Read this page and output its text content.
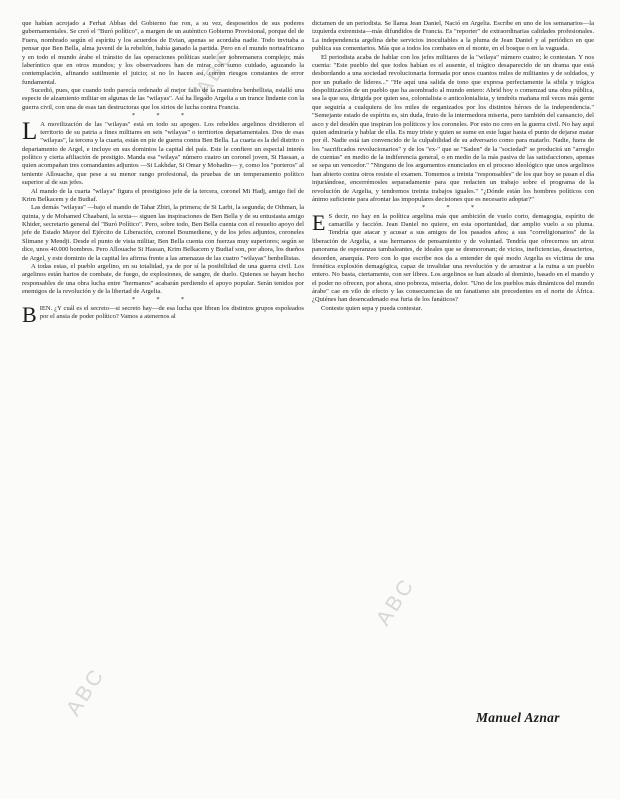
ABC
ABC
ABC

que habían acrojado a Ferhat Abbas del Gobierno fue ron, a su vez, desposeidos de sus poderes gubernamentales. Se creó el "Buró político", a margen de un auténtico Gobierno Provisional, porque del de Fuera, nombrado según el espíritu y los acuerdos de Evian, apenas se acordaba nadie. Todo invitaba a pensar que Ben Bella, alma juvenil de la rebelión, había ganado la partida. Pero en el mundo norteafricano y en todo el mundo árabe el tránsito de las operaciones políticas suele ser sobremanera complejo; más laberíntico que en otros mundos; y los observadores han de mirar con sumo cuidado, aguzando la contemplación, afinando sutilmente el juicio; si no lo hacen así, corren riesgos constantes de error fundamental.

Sucedió, pues, que cuando todo parecía ordenado al mejor fallo de la maniobra benbellista, estalló una especie de alzamiento militar en algunas de las "wilayas". Así ha llegado Argelia a un trance lindante con la guerra civil, con una de esas tan destructoras que los sirios de lucha contra Francia.

* * *

L A movilización de las "wilayas" está en todo su apogeo. Los rebeldes argelinos dividieron el territorio de su patria a fines militares en seis "wilayas" o territorios departamentales. Dos de esas "wilayas", la tercera y la cuarta, están en pie de guerra contra Ben Bella. La cuarta es la del distrito o departamento de Argel, e incluye en sus dominios la capital del país. Este le confiere un especial interés político y cierta afiliación de prestigio. Manda esa "wilaya" número cuatro un coronel joven, Si Hassan, a quien acompañan tres comandantes adjuntos —Si Lakhdar, Si Omar y Mohadin— y, como los "porteros" al teniente Allouache, que pese a su menor rango profesional, da pruebas de un temperamento político superior al de sus jefes.

Al mando de la cuarta "wilaya" figura el prestigioso jefe de la tercera, coronel Mi Hadj, amigo fiel de Krim Belkacem y de Budiaf.

Las demás "wilayas" —bajo el mando de Tahar Zbiri, la primera; de Si Larbi, la segunda; de Othman, la quinta, y de Mohamed Chaabani, la sexta— siguen las inspiraciones de Ben Bella y de su entusiasta amigo Khider, secretario general del "Buró Político". Pero, sobre todo, Ben Bella cuenta con el resuelto apoyo del jefe de Estado Mayor del Ejército de Liberación, coronel Boumediene, y de los jefes adjuntos, coroneles Slimane y Mendji. Desde el punto de vista militar, Ben Bella cuenta con fuerzas muy superiores; según se dice, unos 40.000 hombres. Pero Allouache Si Hassan, Krim Belkacem y Budiaf son, por ahora, los dueños de Argel, y este dominio de la capital les afirma frente a las amenazas de las cuatro "wilayas" benbellistas.

A todas estas, el pueblo argelino, en su totalidad, ya de por sí la posibilidad de una guerra civil. Los argelinos están hartos de combate, de fuego, de explosiones, de sangre, de duelo. Quienes se hayan hecho responsables de una obra lucha entre "hermanos" acabarán perdiendo el apoyo popular. Serán tenidos por enemigos de la revolución y de la libertad de Argelia.

* * *

BIEN. ¿Y cuál es el secreto—si secreto hay—de esa lucha que libran los distintos grupos espoleados por el ansia de poder político? Vamos a atenernos al

dictamen de un periodista. Se llama Jean Daniel, Nació en Argelia. Escribe en uno de los semanarios—la izquierda extremista—más difundidos de Francia. Es "reporter" de extraordinarias calidades profesionales. La independencia argelina debe servicios inocultables a la pluma de Jean Daniel y al periódico en que publica sus comentarios. Más que a todos los combates en el monte, en el bosque o en la vaguada.

El periodista acaba de hablar con los jefes militares de la "wilaya" número cuatro; le contestan. Y nos cuenta: "Este pueblo del que todos habían es el ausente, el trágico desaparecido de un drama que está desbordando a una sociedad revolucionaria formada por unos cuantos miles de militantes y de soldados, y por un puñado de líderes..." "He aquí una salida de tono que expresa perfectamente la sibila y trágica despolitización de un pueblo que ha asombrado al mundo entero: Abrid hoy o comenzad una obra pública, sea la que sea, dirigida por quien sea, colonialista o anticolonialista, y tendréis mañana mil veces más gente que seguiría a cualquiera de los miles de organizados por los distintos héroes de la independencia." "Semejante estado de espíritu es, sin duda, fruto de la intermedora miseria, pero también del cansancio, del asco y del desdén que inspiran los políticos y los coroneles. Por esto no creo en la guerra civil. No hay aquí quien admiraría y hablar de ella. Es muy triste y quien se sume en este lugar hasta el punto de dejarse matar por él. Nadie está tan convencido de la culpabilidad de su adversario como para matarlo. Nadie, fuera de los "sacrificados revolucionarios" y de los "ex-" que se "Saden" de la "sociedad" se producirá un "arreglo de cuentas" en medio de la indiferencia general, o en medio de la más pasiva de las satisfacciones, apenas se sepa un vencedor." "Ninguno de los argumentos enunciados en el proceso ideológico que unos argelinos han abierto contra otros resiste el examen. Tomemos a treinta "responsables" de los que hoy se pasan el día injuriándose, encerrémosles separadamente para que redacten un trabajo sobre el programa de la revolución de Argelia, y tendremos treinta trabajos iguales." "¿Dónde están los hombres políticos con ánimo suficiente para afrontar las impopulares decisiones que es necesario adoptar?"

* * *

E S decir, no hay en la política argelina más que ambición de vuelo corto, demagogia, espíritu de camarilla y facción. Jean Daniel no quiere, en esta oportunidad, dar amplio vuelo a su pluma. Tendría que atacar y acusar a sus amigos de los pasados años; a sus "correligionarios" de la liberación de Argelia, a sus hermanos de pensamiento y de voluntad. Tendría que ofrecernos un atroz panorama de esperanzas tambaleantes, de ideales que se desmoronan; de vicios, ineficiencias, desaciertos, desorden, anarquía. Pero con lo que escribe nos da a entender de qué modo Argelia es víctima de una frenética explosión demagógica, capaz de invalidar una revolución y de arrastrar a la ruina a un pueblo entero. No basta, ciertamente, con ser libres. Los argelinos se han alzado al dominio, basado en el mando y el poder no ofrecen, por ahora, sino pobreza, miseria, dolor. "Uno de los pueblos más dinámicos del mundo árabe" cae en vilo de efecto y las consecuencias de un fanatismo sin precedentes en el norte de África. ¿Quiénes han desencadenado esa furia de los fanáticos?

Conteste quien sepa y pueda contestar.

Manuel Aznar
